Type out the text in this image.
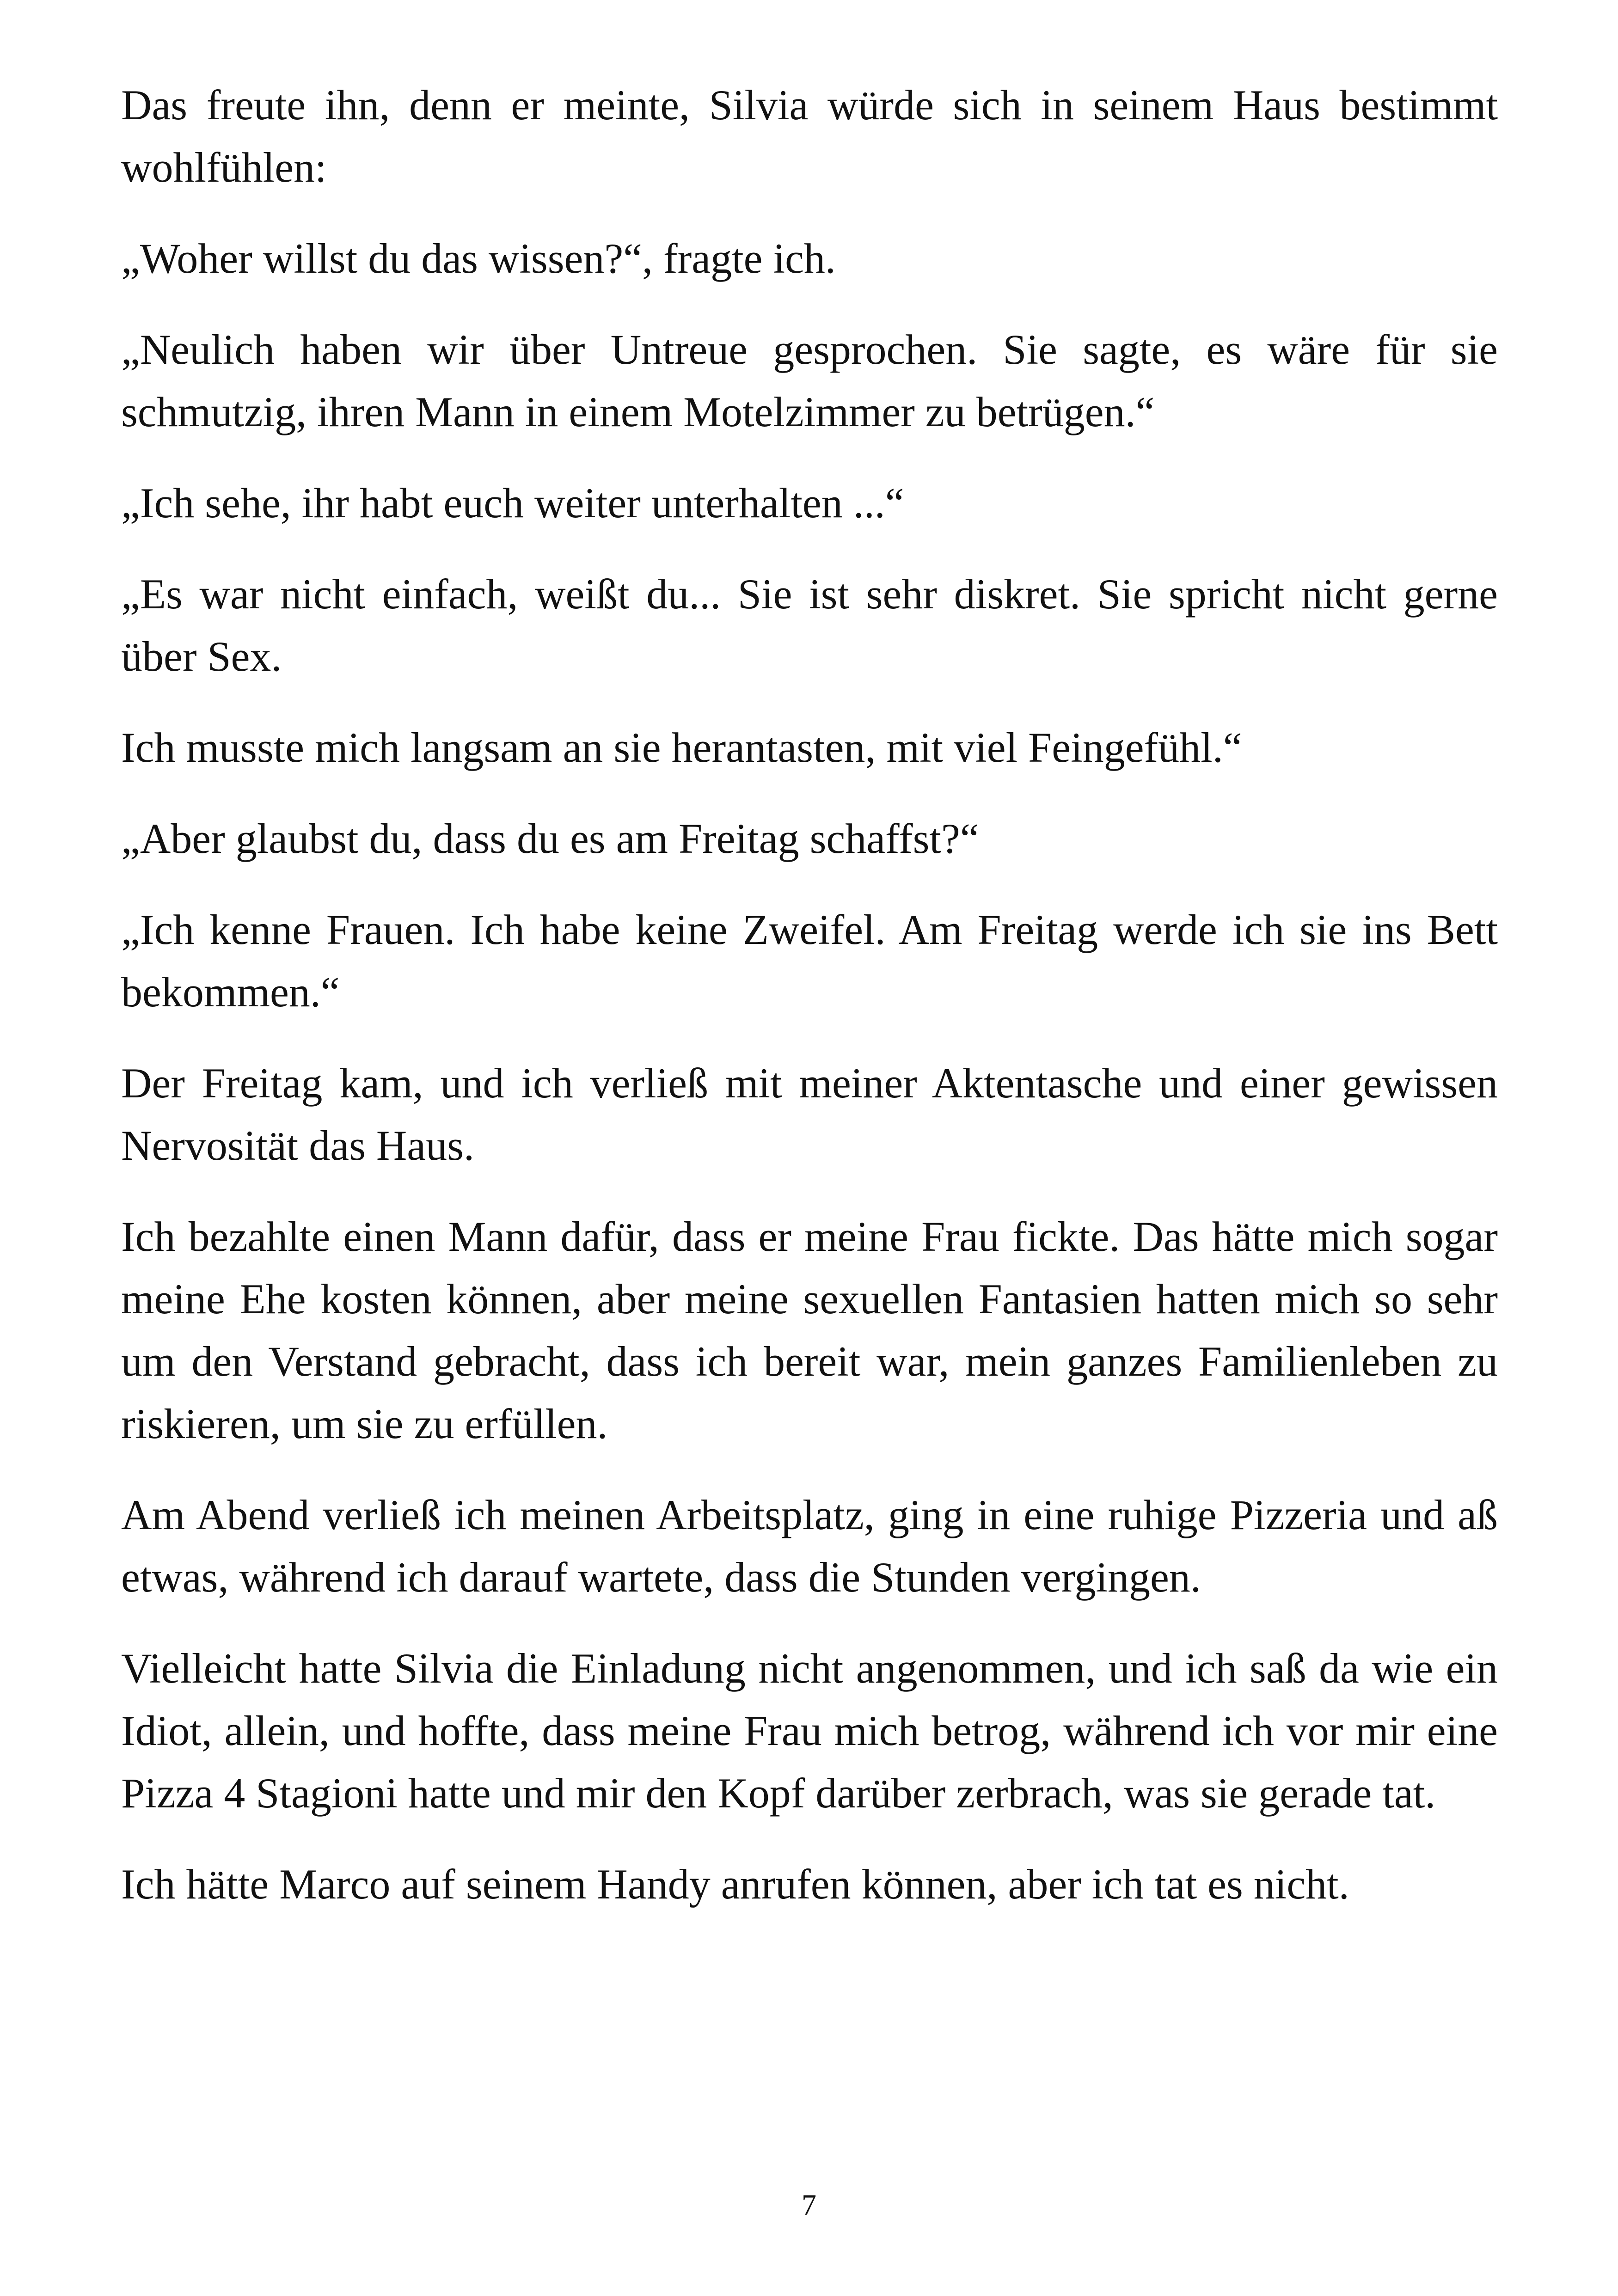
Das freute ihn, denn er meinte, Silvia würde sich in seinem Haus bestimmt wohlfühlen:

„Woher willst du das wissen?“, fragte ich.

„Neulich haben wir über Untreue gesprochen. Sie sagte, es wäre für sie schmutzig, ihren Mann in einem Motelzimmer zu betrügen.“

„Ich sehe, ihr habt euch weiter unterhalten ...“

„Es war nicht einfach, weißt du... Sie ist sehr diskret. Sie spricht nicht gerne über Sex.

Ich musste mich langsam an sie herantasten, mit viel Feingefühl.“

„Aber glaubst du, dass du es am Freitag schaffst?“

„Ich kenne Frauen. Ich habe keine Zweifel. Am Freitag werde ich sie ins Bett bekommen.“

Der Freitag kam, und ich verließ mit meiner Aktentasche und einer gewissen Nervosität das Haus.

Ich bezahlte einen Mann dafür, dass er meine Frau fickte. Das hätte mich sogar meine Ehe kosten können, aber meine sexuellen Fantasien hatten mich so sehr um den Verstand gebracht, dass ich bereit war, mein ganzes Familienleben zu riskieren, um sie zu erfüllen.

Am Abend verließ ich meinen Arbeitsplatz, ging in eine ruhige Pizzeria und aß etwas, während ich darauf wartete, dass die Stunden vergingen.

Vielleicht hatte Silvia die Einladung nicht angenommen, und ich saß da wie ein Idiot, allein, und hoffte, dass meine Frau mich betrog, während ich vor mir eine Pizza 4 Stagioni hatte und mir den Kopf darüber zerbrach, was sie gerade tat.

Ich hätte Marco auf seinem Handy anrufen können, aber ich tat es nicht.

7
